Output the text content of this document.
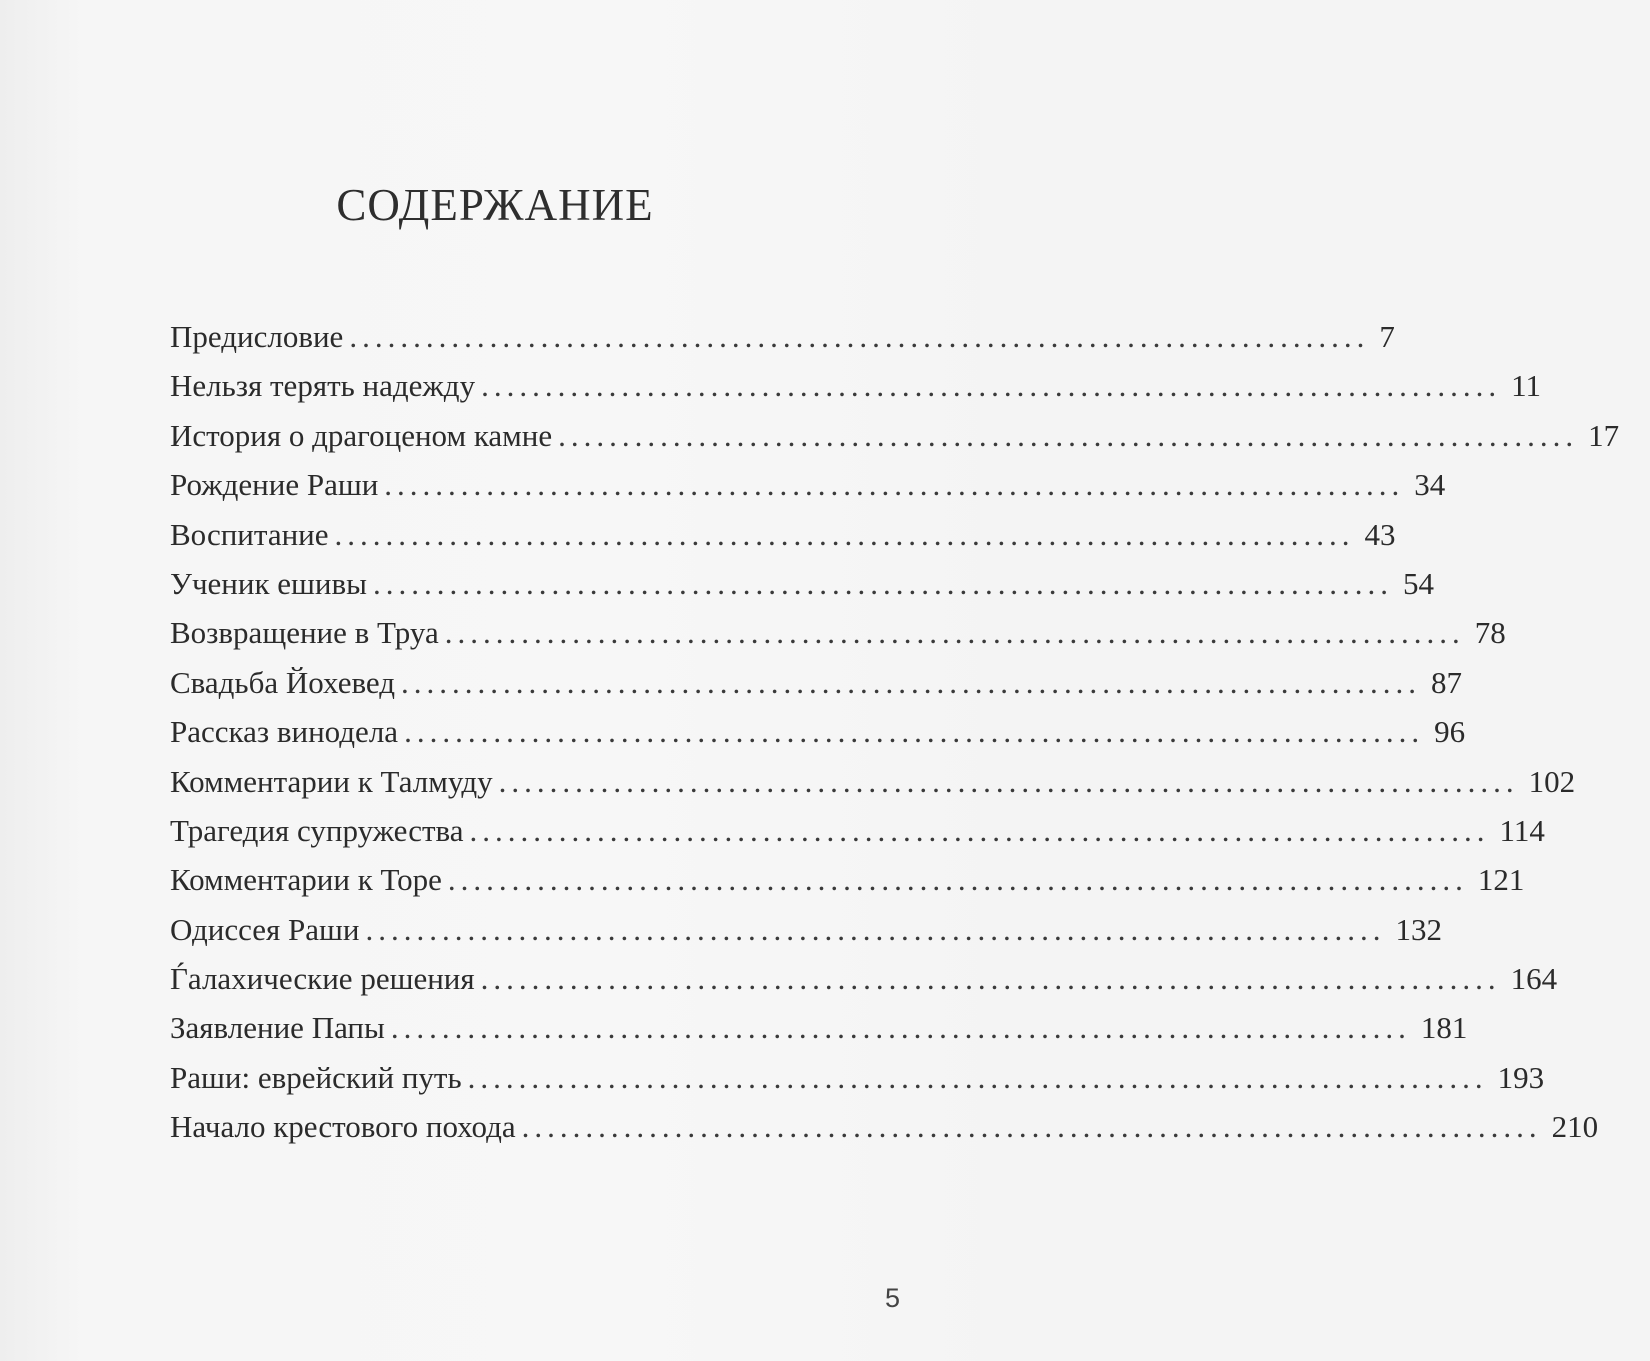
СОДЕРЖАНИЕ
Предисловие ................................................................................ 7
Нельзя терять надежду ................................................................................ 11
История о драгоценом камне ................................................................................ 17
Рождение Раши ................................................................................ 34
Воспитание ................................................................................ 43
Ученик ешивы ................................................................................ 54
Возвращение в Труа ................................................................................ 78
Свадьба Йохевед ................................................................................ 87
Рассказ винодела ................................................................................ 96
Комментарии к Талмуду ................................................................................ 102
Трагедия супружества ................................................................................ 114
Комментарии к Торе ................................................................................ 121
Одиссея Раши ................................................................................ 132
Ѓалахические решения ................................................................................ 164
Заявление Папы ................................................................................ 181
Раши: еврейский путь ................................................................................ 193
Начало крестового похода ................................................................................ 210
5
